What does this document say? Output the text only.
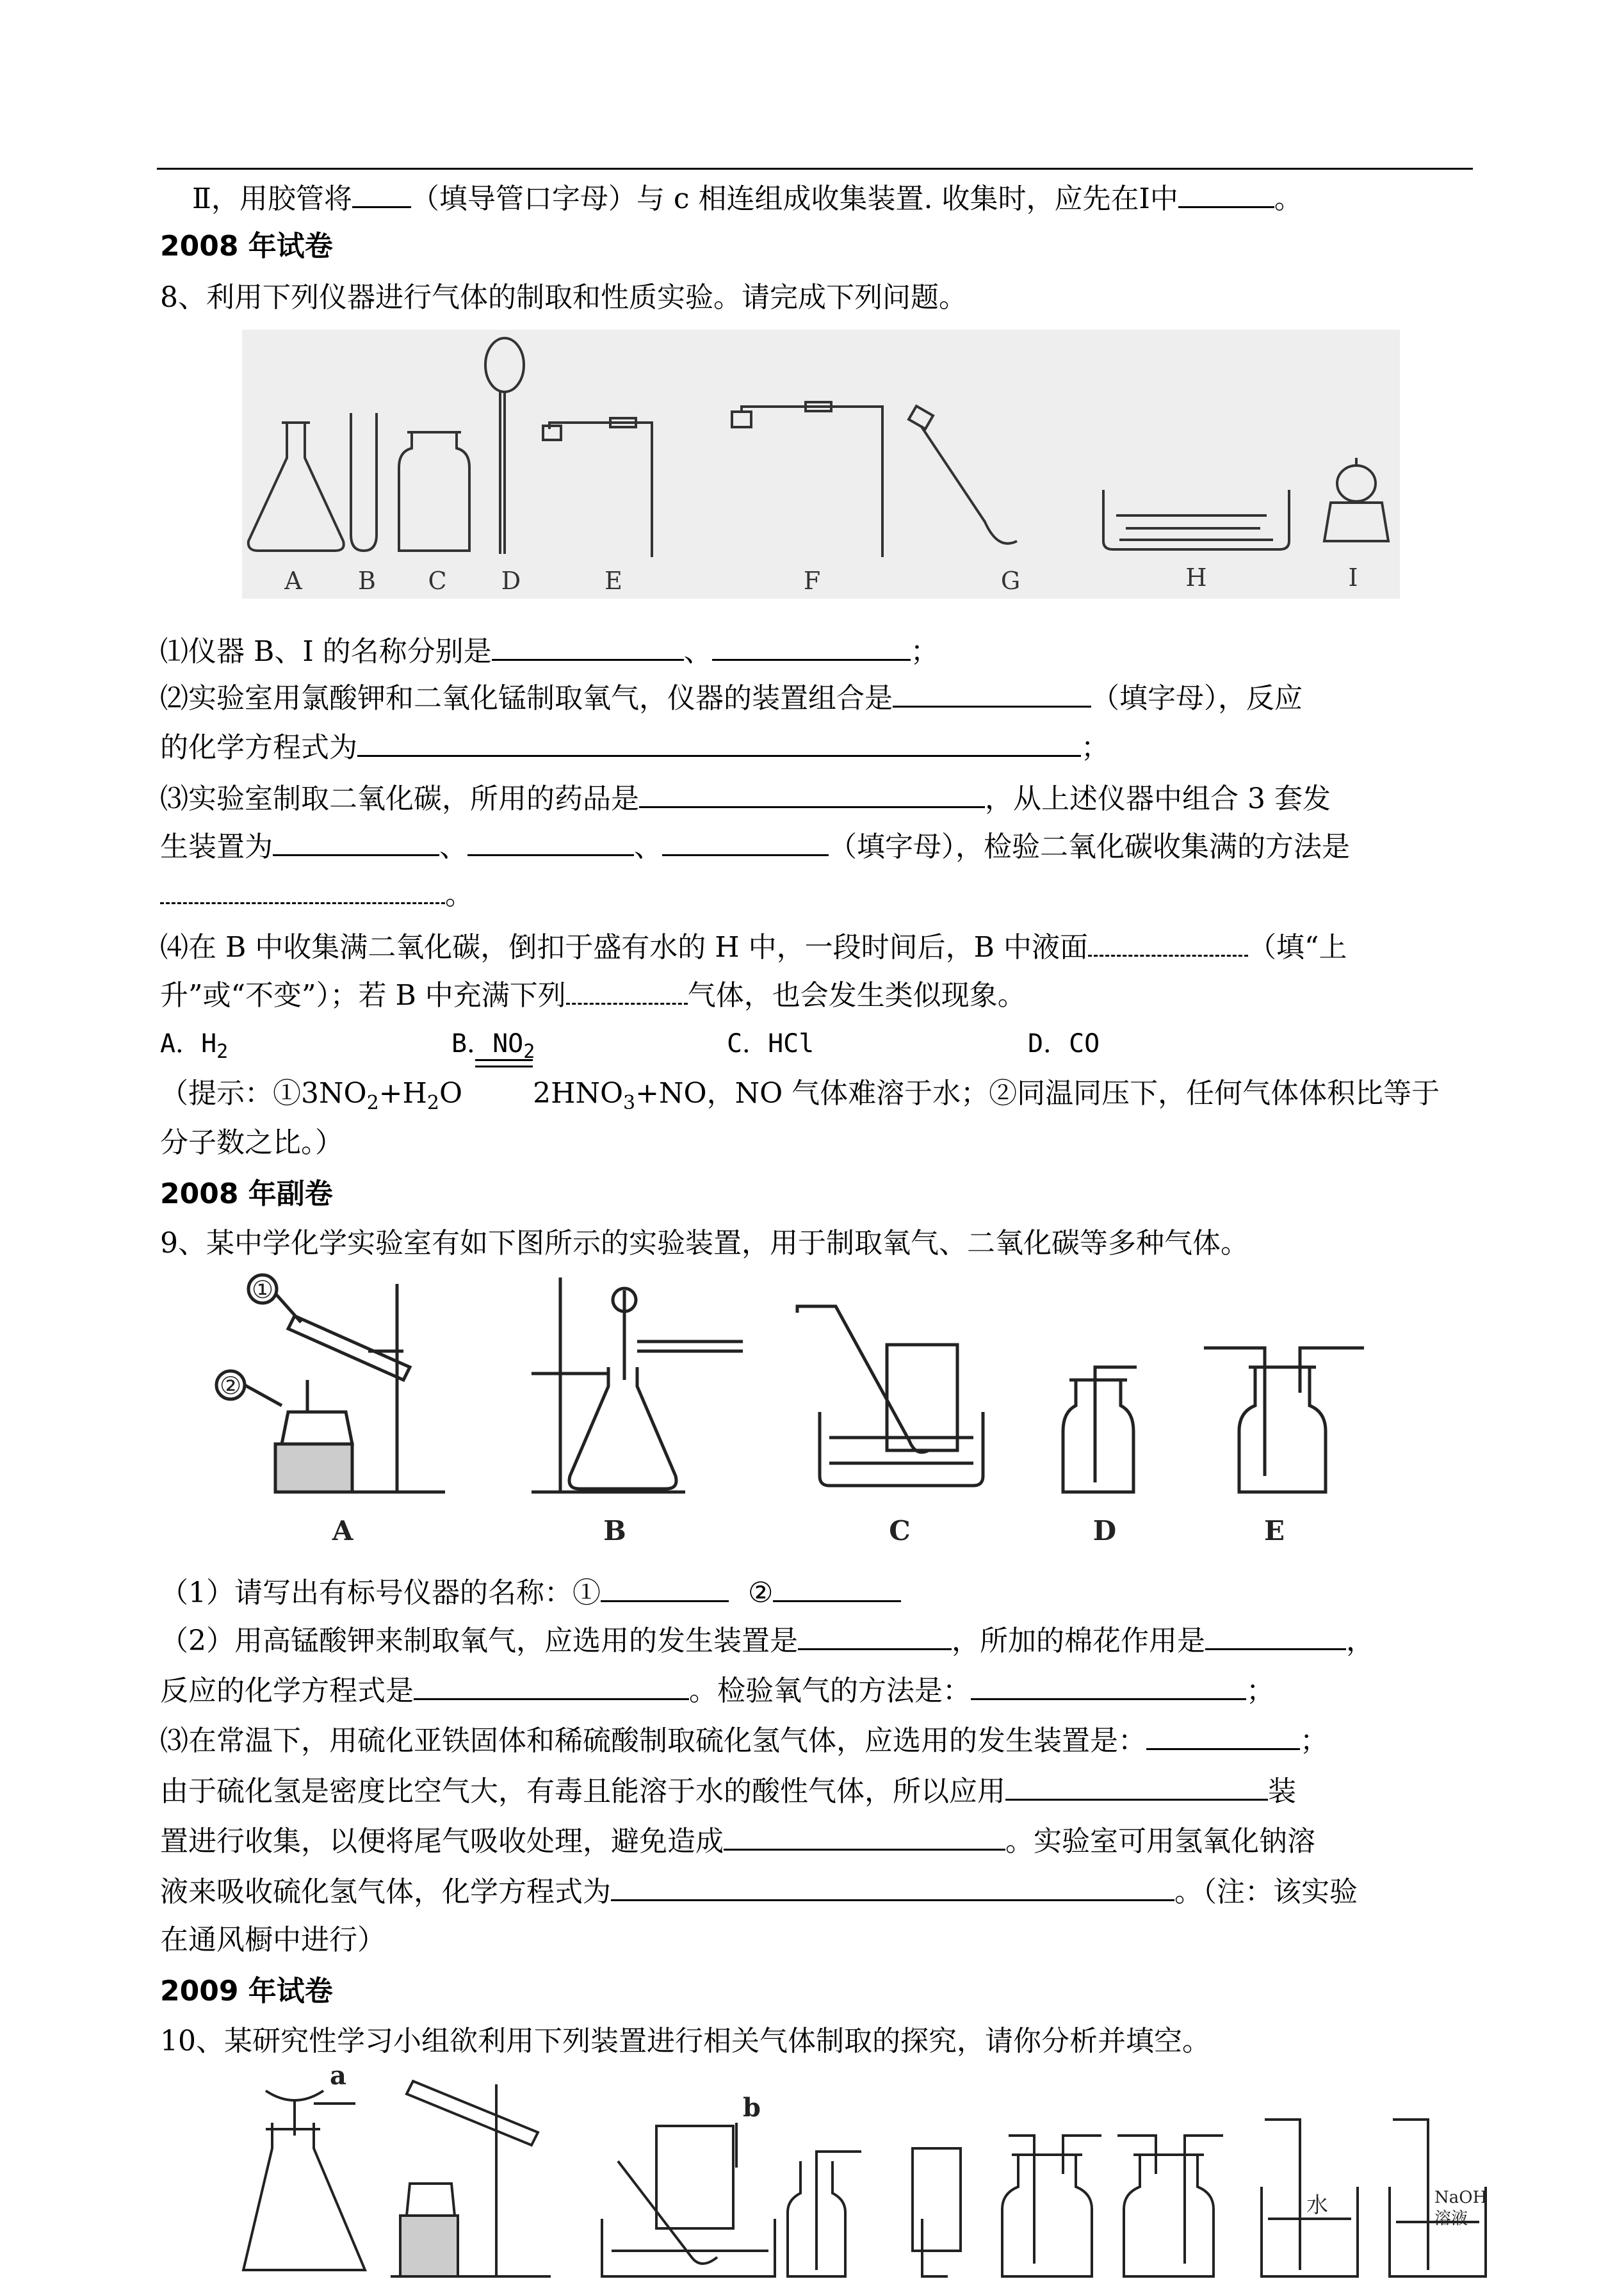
Ⅱ，用胶管将 （填导管口字母）与 c 相连组成收集装置. 收集时，应先在Ⅰ中	。
2008 年试卷
8、利用下列仪器进行气体的制取和性质实验。请完成下列问题。
A B C D	E	F	G	H	I
⑴仪器 B、I 的名称分别是	、	；
⑵实验室用氯酸钾和二氧化锰制取氧气，仪器的装置组合是	（填字母），反应
的化学方程式为	；
⑶实验室制取二氧化碳，所用的药品是	，从上述仪器中组合 3 套发
生装置为	、	、	（填字母），检验二氧化碳收集满的方法是
。
⑷在 B 中收集满二氧化碳，倒扣于盛有水的 H 中，一段时间后，B 中液面	（填“上
升”或“不变”）；若 B 中充满下列	气体，也会发生类似现象。
A．$H_2$	B．$NO_2$	C．HCl	D．CO
（提示：$①3NO_2+H_2O$	$2HNO_3+NO$，NO 气体难溶于水；②同温同压下，任何气体体积比等于
分子数之比。）
2008 年副卷
9、某中学化学实验室有如下图所示的实验装置，用于制取氧气、二氧化碳等多种气体。
①
②
A	B	C	D	E
（1）请写出有标号仪器的名称：①	②
（2）用高锰酸钾来制取氧气，应选用的发生装置是	，所加的棉花作用是	，
反应的化学方程式是	。检验氧气的方法是：	；
⑶在常温下，用硫化亚铁固体和稀硫酸制取硫化氢气体，应选用的发生装置是：	；
由于硫化氢是密度比空气大，有毒且能溶于水的酸性气体，所以应用	装
置进行收集，以便将尾气吸收处理，避免造成	。实验室可用氢氧化钠溶
液来吸收硫化氢气体，化学方程式为	。（注：该实验
在通风橱中进行）
2009 年试卷
10、某研究性学习小组欲利用下列装置进行相关气体制取的探究，请你分析并填空。
a
b
水	NaOH
溶液
